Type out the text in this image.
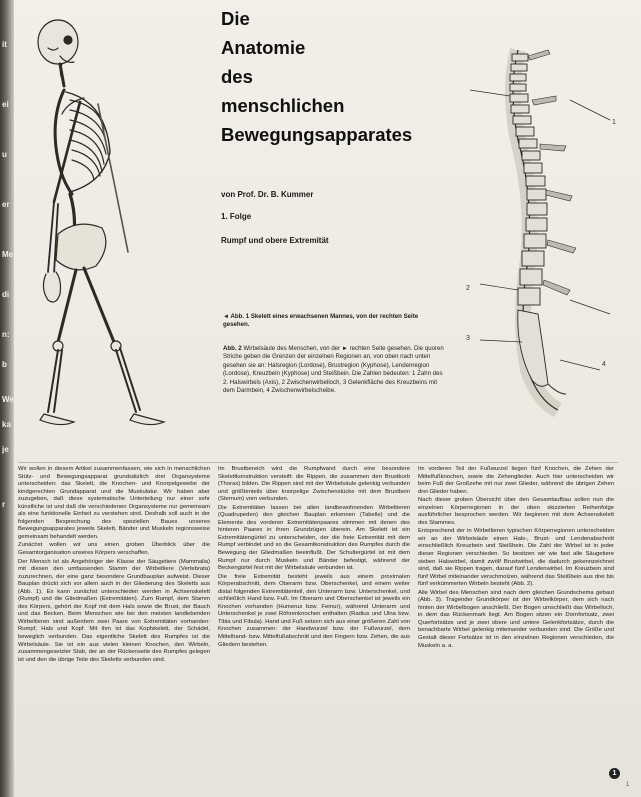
it
ei
u
er
Me
di
n:
b
We
ka
je
r
2
3
4
1
Die
Anatomie
des
menschlichen
Bewegungsapparates
von Prof. Dr. B. Kummer
1. Folge
Rumpf und obere Extremität
◄ Abb. 1 Skelett eines erwachsenen Mannes, von der rechten Seite gesehen.
Abb. 2 Wirbelsäule des Menschen, von der ► rechten Seite gesehen. Die quoren Striche geben die Grenzen der einzelnen Regionen an, von oben nach unten gesehen sie an: Halsregion (Lordose), Brustregion (Kyphose), Lendenregion (Lordose), Kreuzbein (Kyphose) und Steißbein. Die Zahlen bedeuten: 1 Zahn des 2. Halswirbels (Axis), 2 Zwischenwirbelloch, 3 Gelenkfläche des Kreuzbeins mit dem Darmbein, 4 Zwischenwirbelscheibe.

Wir wollen in diesem Artikel zusammenfassen, wie sich in menschlichen Stütz- und Bewegungsapparat grundsätzlich drei Organsysteme unterscheiden: das Skelett, die Knochen- und Knorpelgewebe der kindgerechten Grundapparat und die Muskulatur. Wir haben aber zuzugeben, daß diese systematische Unterteilung nur einer sehr künstliche ist und daß die verschiedenen Organsysteme nur gemeinsam als eine funktionelle Einheit zu verstehen sind. Deshalb soll auch in der folgenden Besprechung des speziellen Baues unseres Bewegungsapparates jeweils Skelett, Bänder und Muskeln regionsweise gemeinsam behandelt werden.

Zunächst wollen wir uns einen groben Überblick über die Gesamtorganisation unseres Körpers verschaffen.

Der Mensch ist als Angehöriger der Klasse der Säugetiere (Mammalia) mit diesen den umfassenden Stamm der Wirbeltiere (Vertebrata) zuzurechnen, der eine ganz besondere Grundbauplan aufweist. Dieser Bauplan drückt sich vor allem auch in der Gliederung des Skeletts aus (Abb. 1). Es kann zunächst unterschieden werden in Achsenskelett (Rumpf) und die Gliedmaßen (Extremitäten). Zum Rumpf, dem Stamm des Körpers, gehört der Kopf mit dem Hals sowie die Brust, der Bauch und das Becken. Beim Menschen wie bei den meisten landlebenden Wirbeltieren sind außerdem zwei Paare von Extremitäten vorhanden: Rumpf, Hals und Kopf. Mit ihm ist das Kopfskelett, der Schädel, beweglich verbunden. Das eigentliche Skelett des Rumpfes ist die Wirbelsäule. Sie ist ein aus vielen kleinen Knochen, den Wirbeln, zusammengesetzter Stab, der an der Rückenseite des Rumpfes gelegen ist und den die übrige Teile des Skeletts verbunden sind.

Im Brustbereich wird die Rumpfwand durch eine besondere Skelettkonstruktion versteift: die Rippen, die zusammen den Brustkorb (Thorax) bilden. Die Rippen sind mit der Wirbelsäule gelenkig verbunden und größtenteils über knorpelige Zwischenstücke mit dem Brustbein (Sternum) vorn verbunden.

Die Extremitäten lassen bei allen landbewohnenden Wirbeltieren (Quadrupeden) den gleichen Bauplan erkennen (Tabelle) und die Elemente des vorderen Extremitätenpaares stimmen mit denen des hinteren Paares in ihren Grundzügen überein. Am Skelett ist ein Extremitätengürtel zu unterscheiden, der die freie Extremität mit dem Rumpf verbindet und so die Gesamtkonstruktion des Rumpfes durch die Bewegung der Gliedmaßen beeinflußt. Der Schultergürtel ist mit dem Rumpf nur durch Muskeln und Bänder befestigt, während der Beckengürtel fest mit der Wirbelsäule verbunden ist.

Die freie Extremität besteht jeweils aus einem proximalen Körperabschnitt, dem Oberarm bzw. Oberschenkel, und einem weiter distal folgenden Extremitätenteil, den Unterarm bzw. Unterschenkel, und schließlich Hand bzw. Fuß. Im Oberarm und Oberschenkel ist jeweils ein Knochen vorhanden (Humerus bzw. Femur), während Unterarm und Unterschenkel je zwei Röhrenknochen enthalten (Radius und Ulna bzw. Tibia und Fibula). Hand und Fuß setzen sich aus einer größeren Zahl von Knochen zusammen: der Handwurzel bzw. der Fußwurzel, dem Mittelhand- bzw. Mittelfußabschnitt und den Fingern bzw. Zehen, die aus Gliedern bestehen.

Im vorderen Teil der Fußwurzel liegen fünf Knochen, die Zehen der Mittelfußknochen, sowie die Zehenglieder. Auch hier unterscheiden wir beim Fuß der Großzehe mit nur zwei Glieder, während die übrigen Zehen drei Glieder haben.

Nach dieser groben Übersicht über den Gesamtaufbau sollen nun die einzelnen Körperregionen in der oben skizzierten Reihenfolge ausführlicher besprochen werden. Wir beginnen mit dem Achsenskelett des Stammes.

Entsprechend der in Wirbeltieren typischen Körperregionen unterscheiden wir an der Wirbelsäule einen Hals-, Brust- und Lendenabschnitt einschließlich Kreuzbein und Steißbein. Die Zahl der Wirbel ist in jeder dieser Regionen verschieden. So besitzen wir wie fast alle Säugetiere sieben Halswirbel, damit zwölf Brustwirbel, die dadurch gekennzeichnet sind, daß sie Rippen tragen, darauf fünf Lendenwirbel. Im Kreuzbein sind fünf Wirbel miteinander verschmolzen, während das Steißbein aus drei bis fünf verkümmerten Wirbeln besteht (Abb. 2).

Alle Wirbel des Menschen sind nach dem gleichen Grundschema gebaut (Abb. 3). Tragender Grundkörper ist der Wirbelkörper, dem sich nach hinten der Wirbelbogen anschließt. Der Bogen umschließt das Wirbelloch, in dem das Rückenmark liegt. Am Bogen sitzen ein Dornfortsatz, zwei Querfortsätze und je zwei obere und untere Gelenkfortsätze, durch die benachbarte Wirbel gelenkig miteinander verbunden sind. Die Größe und Gestalt dieser Fortsätze ist in den einzelnen Regionen verschieden, die Muskeln a. a.

1
1
